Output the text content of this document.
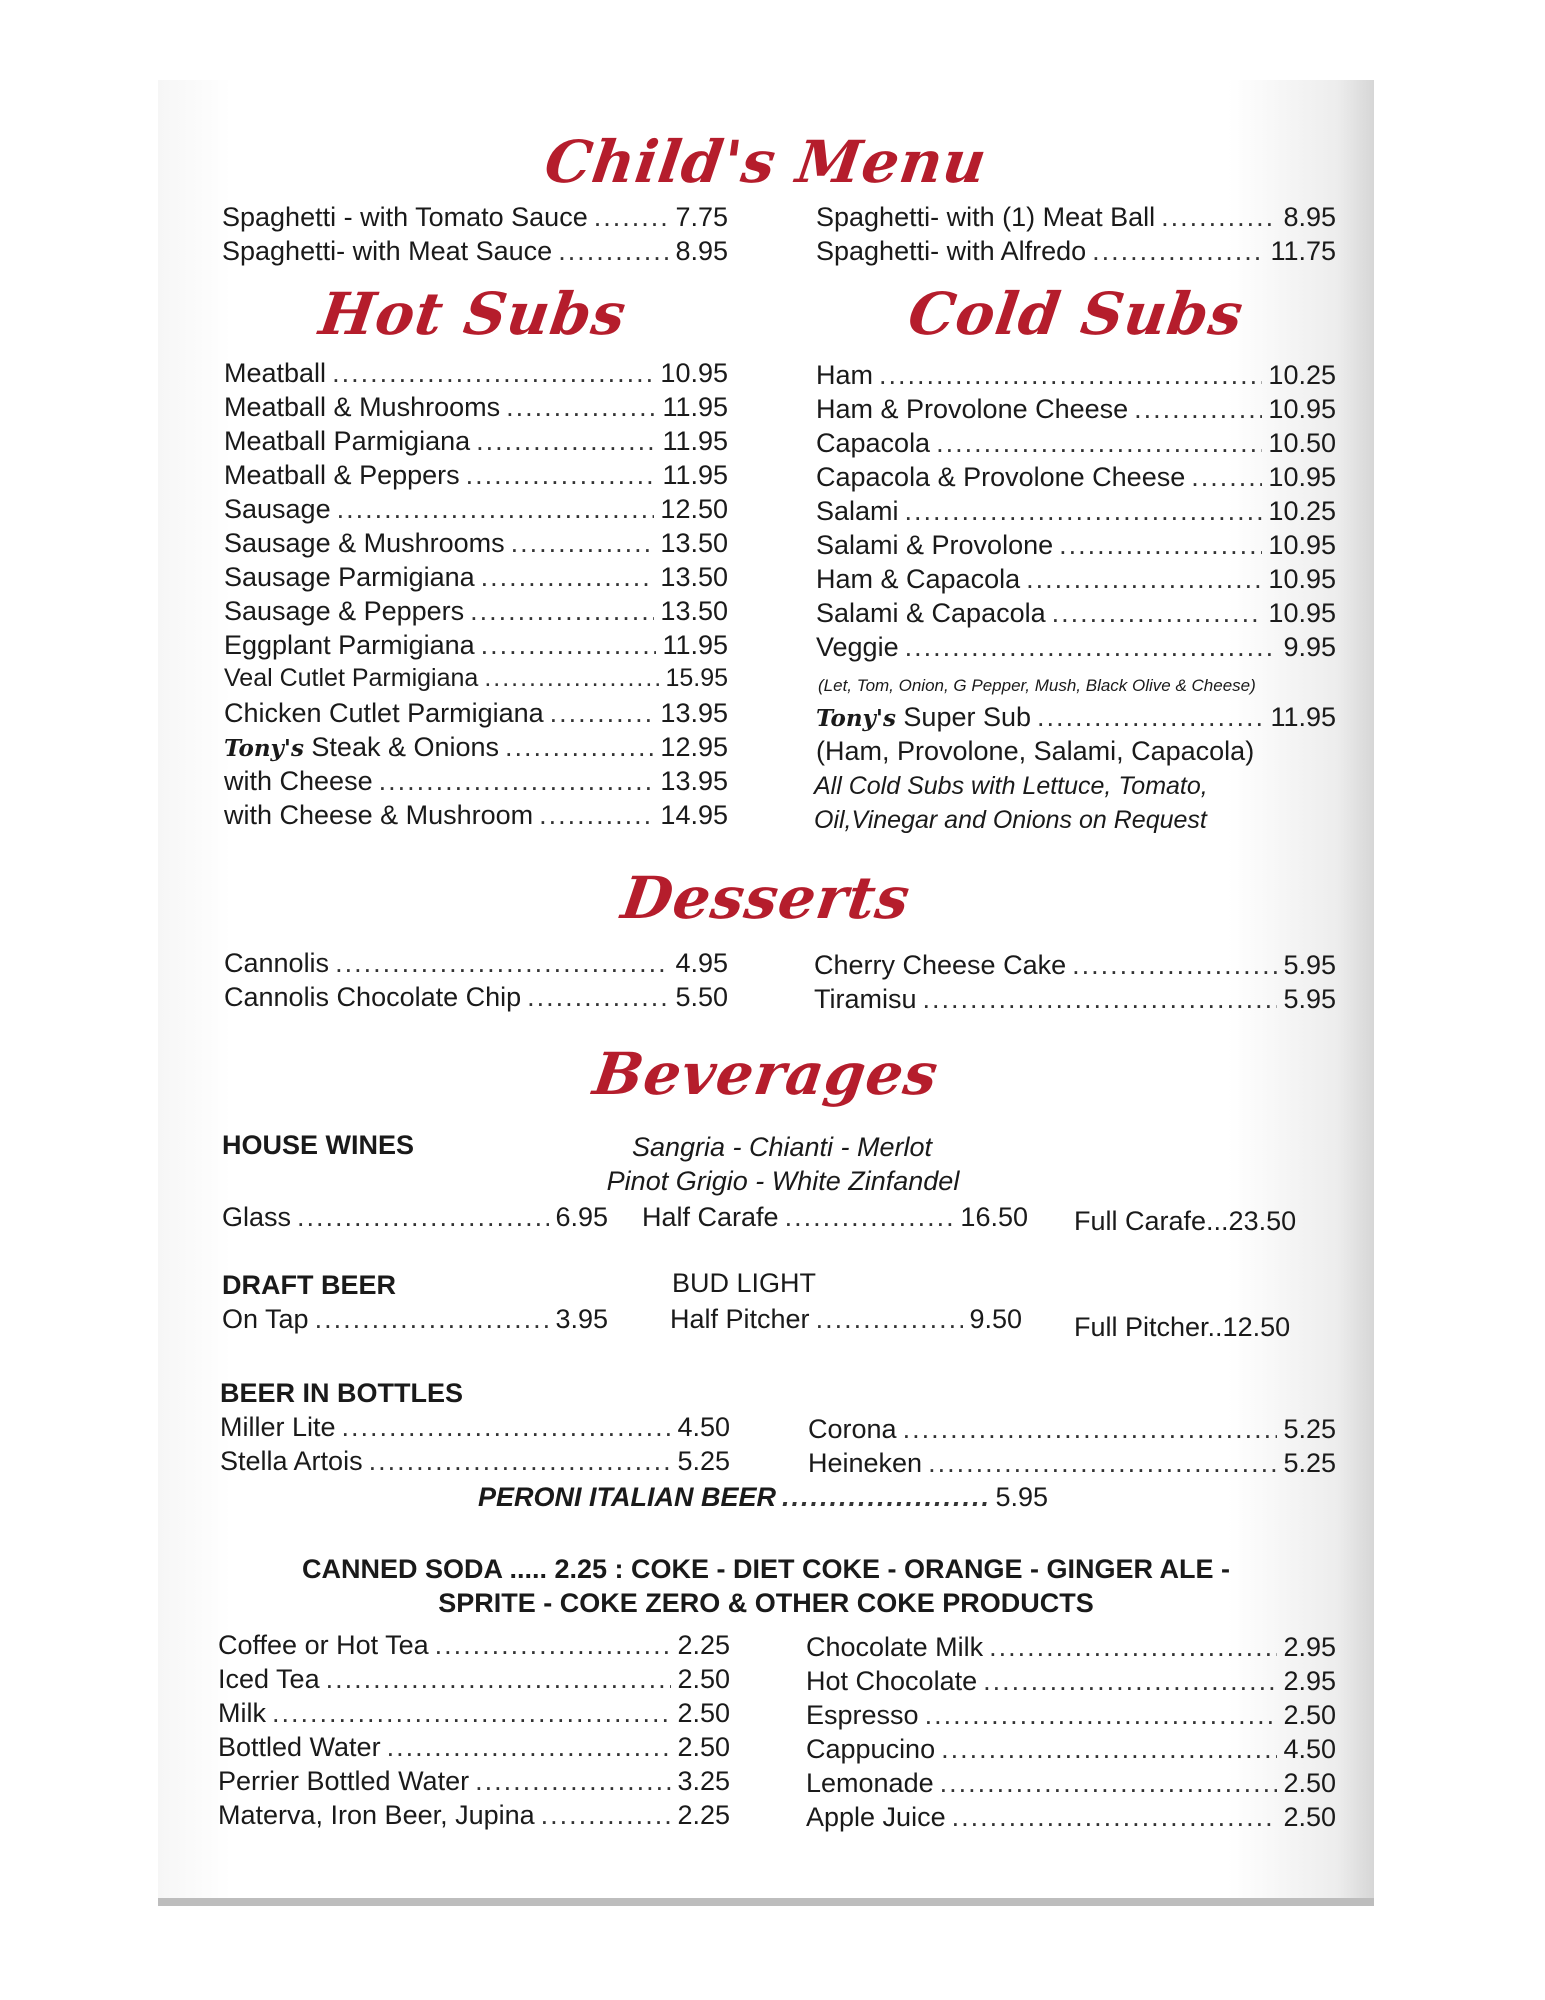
Child's Menu
Spaghetti - with Tomato Sauce .....	7.75
Spaghetti- with Meat Sauce .....	8.95
Spaghetti- with (1) Meat Ball .....	8.95
Spaghetti- with Alfredo .....	11.75
Hot Subs	Cold Subs
Meatball .....	10.95
Meatball & Mushrooms .....	11.95
Meatball Parmigiana .....	11.95
Meatball & Peppers .....	11.95
Sausage .....	12.50
Sausage & Mushrooms .....	13.50
Sausage Parmigiana .....	13.50
Sausage & Peppers .....	13.50
Eggplant Parmigiana .....	11.95
Veal Cutlet Parmigiana .....	15.95
Chicken Cutlet Parmigiana .....	13.95
Tony's Steak & Onions .....	12.95
with Cheese .....	13.95
with Cheese & Mushroom .....	14.95
Ham .....	10.25
Ham & Provolone Cheese .....	10.95
Capacola .....	10.50
Capacola & Provolone Cheese .....	10.95
Salami .....	10.25
Salami & Provolone .....	10.95
Ham & Capacola .....	10.95
Salami & Capacola .....	10.95
Veggie .....	9.95
(Let, Tom, Onion, G Pepper, Mush, Black Olive & Cheese)
Tony's Super Sub .....	11.95
(Ham, Provolone, Salami, Capacola)
All Cold Subs with Lettuce, Tomato,
Oil,Vinegar and Onions on Request
Desserts
Cannolis .....	4.95
Cannolis Chocolate Chip .....	5.50
Cherry Cheese Cake .....	5.95
Tiramisu .....	5.95
Beverages
HOUSE WINES	Sangria - Chianti - Merlot
Pinot Grigio - White Zinfandel
Glass .....	6.95 Half Carafe .....	16.50 Full Carafe...23.50
DRAFT BEER	BUD LIGHT
On Tap .....	3.95 Half Pitcher .....	9.50 Full Pitcher..12.50
BEER IN BOTTLES
Miller Lite .....	4.50
Stella Artois .....	5.25
Corona .....	5.25
Heineken .....	5.25
PERONI ITALIAN BEER .....	5.95
CANNED SODA ..... 2.25 : COKE - DIET COKE - ORANGE - GINGER ALE -
SPRITE - COKE ZERO & OTHER COKE PRODUCTS
Coffee or Hot Tea .....	2.25
Iced Tea .....	2.50
Milk .....	2.50
Bottled Water .....	2.50
Perrier Bottled Water .....	3.25
Materva, Iron Beer, Jupina .....	2.25
Chocolate Milk .....	2.95
Hot Chocolate .....	2.95
Espresso .....	2.50
Cappucino .....	4.50
Lemonade .....	2.50
Apple Juice .....	2.50
